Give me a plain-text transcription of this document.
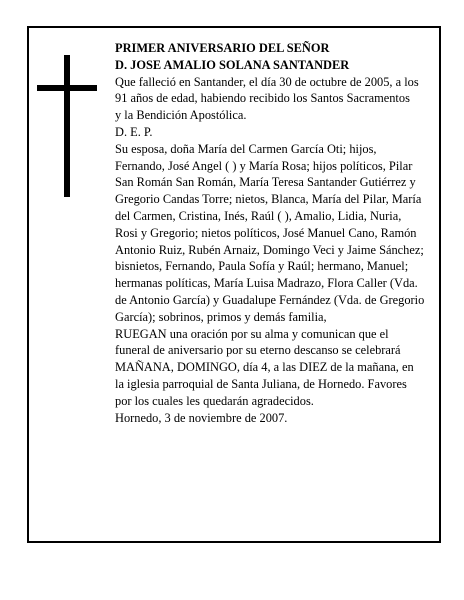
PRIMER ANIVERSARIO DEL SEÑOR

D. JOSE AMALIO SOLANA SANTANDER

Que falleció en Santander, el día 30 de octubre de 2005, a los 91 años de edad, habiendo recibido los Santos Sacramentos

y la Bendición Apostólica.

D. E. P.

Su esposa, doña María del Carmen García Oti; hijos, Fernando, José Angel ( ) y María Rosa; hijos políticos, Pilar San Román San Román, María Teresa Santander Gutiérrez y Gregorio Candas Torre; nietos, Blanca, María del Pilar, María del Carmen, Cristina, Inés, Raúl ( ), Amalio, Lidia, Nuria, Rosi y Gregorio; nietos políticos, José Manuel Cano, Ramón Antonio Ruiz, Rubén Arnaiz, Domingo Veci y Jaime Sánchez; bisnietos, Fernando, Paula Sofía y Raúl; hermano, Manuel; hermanas políticas, María Luisa Madrazo, Flora Caller (Vda. de Antonio García) y Guadalupe Fernández (Vda. de Gregorio García); sobrinos, primos y demás familia,

RUEGAN una oración por su alma y comunican que el funeral de aniversario por su eterno descanso se celebrará MAÑANA, DOMINGO, día 4, a las DIEZ de la mañana, en la iglesia parroquial de Santa Juliana, de Hornedo. Favores por los cuales les quedarán agradecidos.

Hornedo, 3 de noviembre de 2007.
